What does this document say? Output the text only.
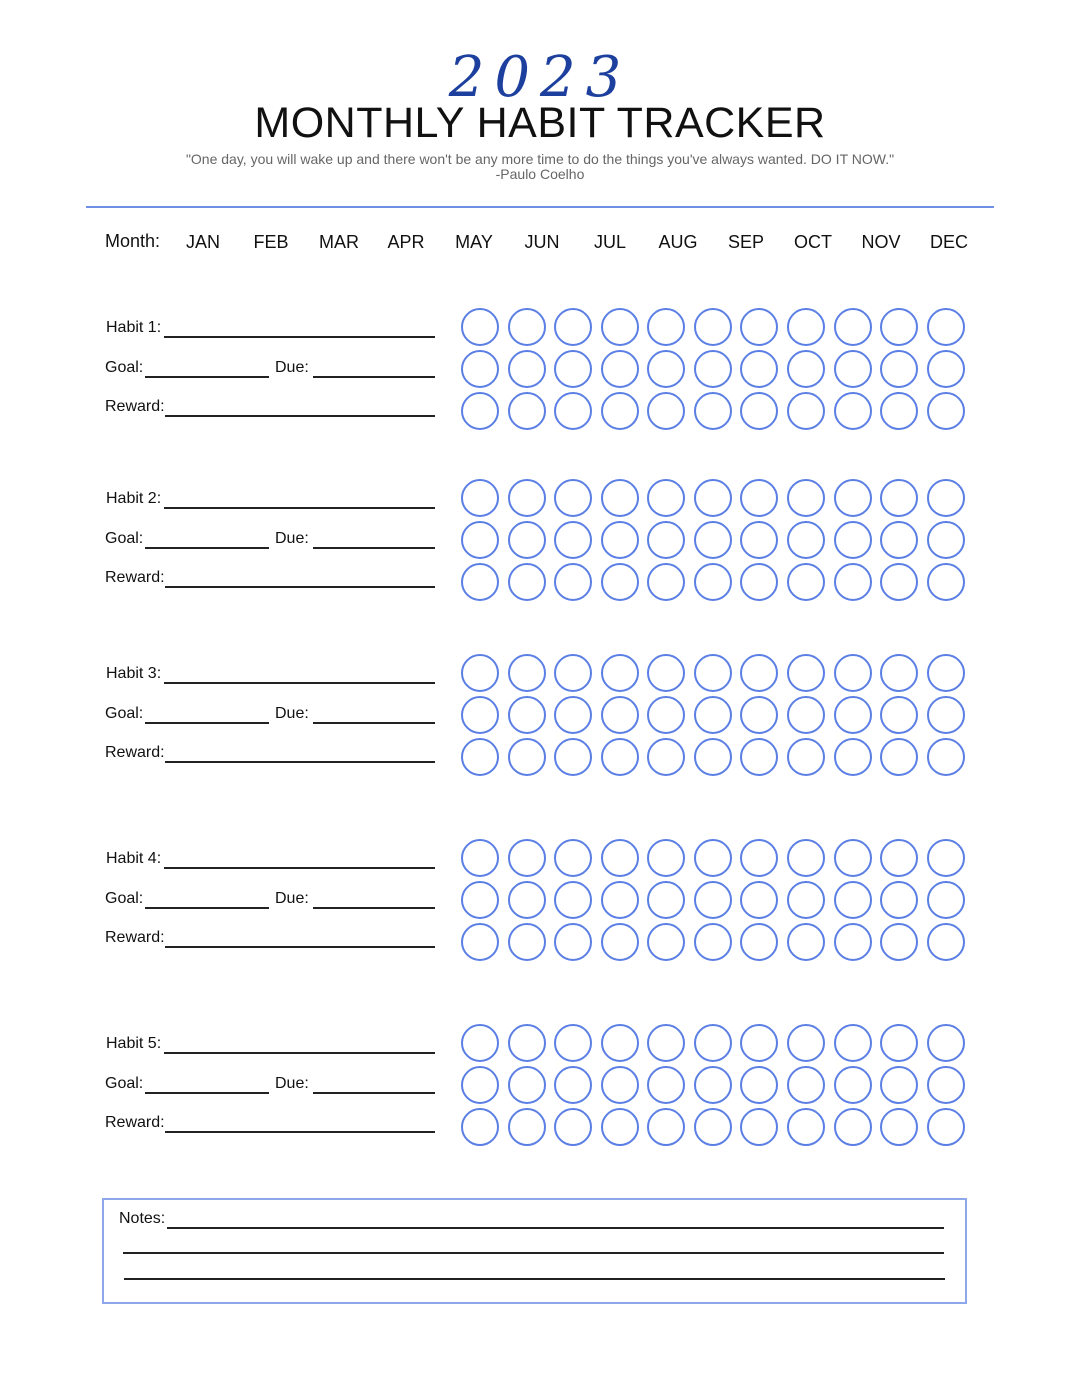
2023
MONTHLY HABIT TRACKER
"One day, you will wake up and there won't be any more time to do the things you've always wanted. DO IT NOW."
-Paulo Coelho
Month:	JAN	FEB	MAR	APR	MAY	JUN	JUL	AUG	SEP	OCT	NOV	DEC
Habit 1:
Goal:	Due:
Reward:
Habit 2:
Goal:	Due:
Reward:
Habit 3:
Goal:	Due:
Reward:
Habit 4:
Goal:	Due:
Reward:
Habit 5:
Goal:	Due:
Reward:
Notes:
